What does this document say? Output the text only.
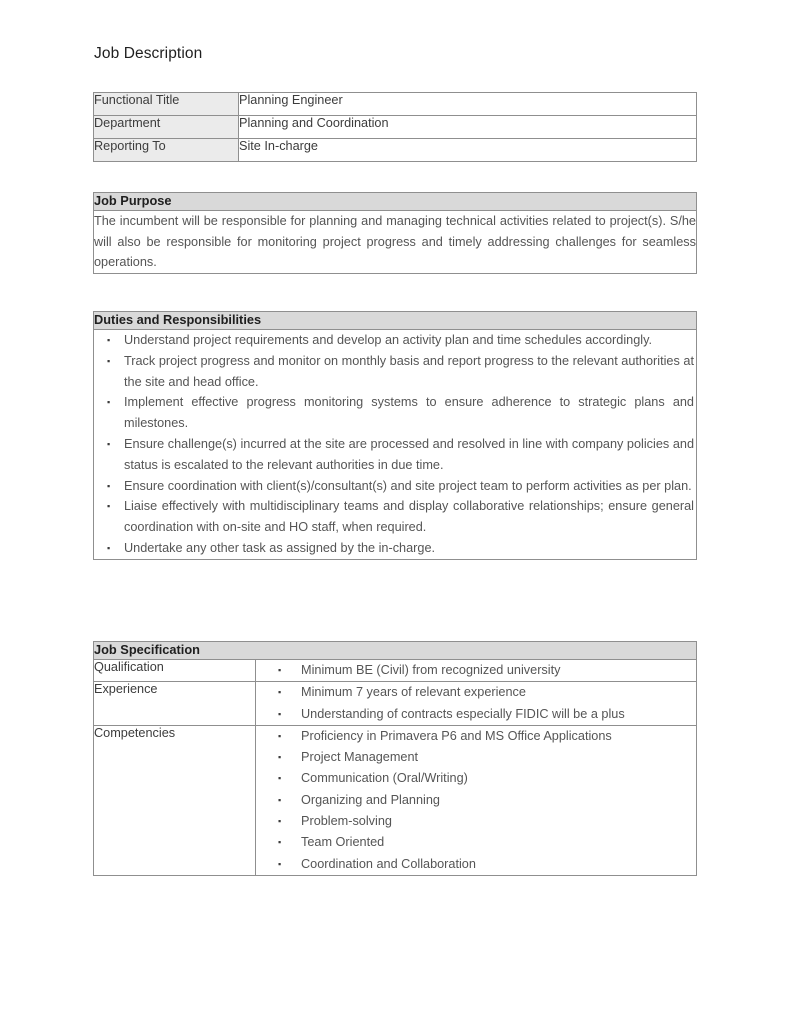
Job Description
Functional Title	Planning Engineer
Department	Planning and Coordination
Reporting To	Site In-charge
Job Purpose
The incumbent will be responsible for planning and managing technical activities related to project(s). S/he will also be responsible for monitoring project progress and timely addressing challenges for seamless operations.
Duties and Responsibilities

▪ Understand project requirements and develop an activity plan and time schedules accordingly.
▪ Track project progress and monitor on monthly basis and report progress to the relevant authorities at the site and head office.
▪ Implement effective progress monitoring systems to ensure adherence to strategic plans and milestones.
▪ Ensure challenge(s) incurred at the site are processed and resolved in line with company policies and status is escalated to the relevant authorities in due time.
▪ Ensure coordination with client(s)/consultant(s) and site project team to perform activities as per plan.
▪ Liaise effectively with multidisciplinary teams and display collaborative relationships; ensure general coordination with on-site and HO staff, when required.
▪ Undertake any other task as assigned by the in-charge.
Job Specification	
Qualification	▪ Minimum BE (Civil) from recognized university

Experience	▪ Minimum 7 years of relevant experience
▪ Understanding of contracts especially FIDIC will be a plus

Competencies	▪ Proficiency in Primavera P6 and MS Office Applications
▪ Project Management
▪ Communication (Oral/Writing)
▪ Organizing and Planning
▪ Problem-solving
▪ Team Oriented
▪ Coordination and Collaboration
